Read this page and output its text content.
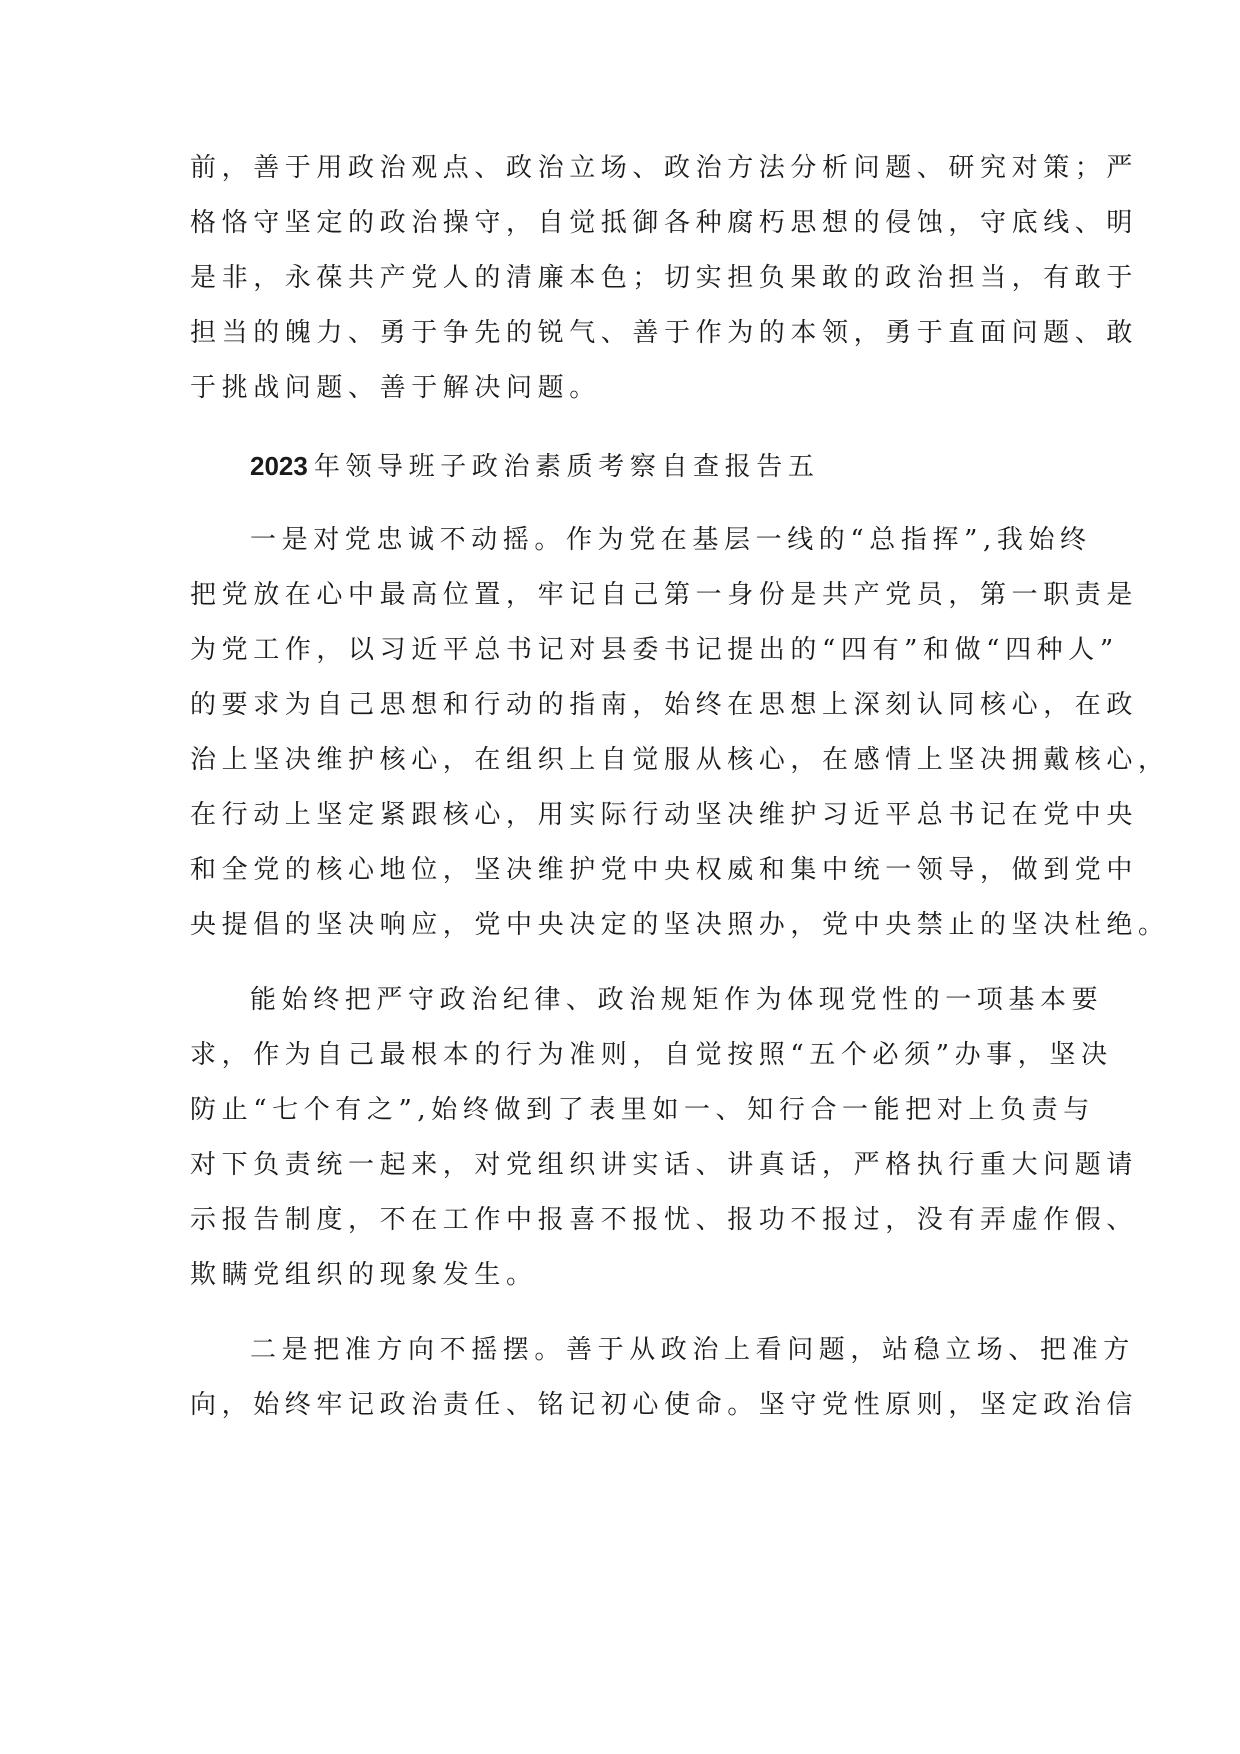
前，善于用政治观点、政治立场、政治方法分析问题、研究对策；严
格恪守坚定的政治操守，自觉抵御各种腐朽思想的侵蚀，守底线、明
是非，永葆共产党人的清廉本色；切实担负果敢的政治担当，有敢于
担当的魄力、勇于争先的锐气、善于作为的本领，勇于直面问题、敢
于挑战问题、善于解决问题。
2023 年领导班子政治素质考察自查报告五
一是对党忠诚不动摇。作为党在基层一线的“总指挥”,我始终
把党放在心中最高位置，牢记自己第一身份是共产党员，第一职责是
为党工作，以习近平总书记对县委书记提出的“四有”和做“四种人”
的要求为自己思想和行动的指南，始终在思想上深刻认同核心，在政
治上坚决维护核心，在组织上自觉服从核心，在感情上坚决拥戴核心，
在行动上坚定紧跟核心，用实际行动坚决维护习近平总书记在党中央
和全党的核心地位，坚决维护党中央权威和集中统一领导，做到党中
央提倡的坚决响应，党中央决定的坚决照办，党中央禁止的坚决杜绝。
能始终把严守政治纪律、政治规矩作为体现党性的一项基本要
求，作为自己最根本的行为准则，自觉按照“五个必须”办事，坚决
防止“七个有之”,始终做到了表里如一、知行合一能把对上负责与
对下负责统一起来，对党组织讲实话、讲真话，严格执行重大问题请
示报告制度，不在工作中报喜不报忧、报功不报过，没有弄虚作假、
欺瞒党组织的现象发生。
二是把准方向不摇摆。善于从政治上看问题，站稳立场、把准方
向，始终牢记政治责任、铭记初心使命。坚守党性原则，坚定政治信
